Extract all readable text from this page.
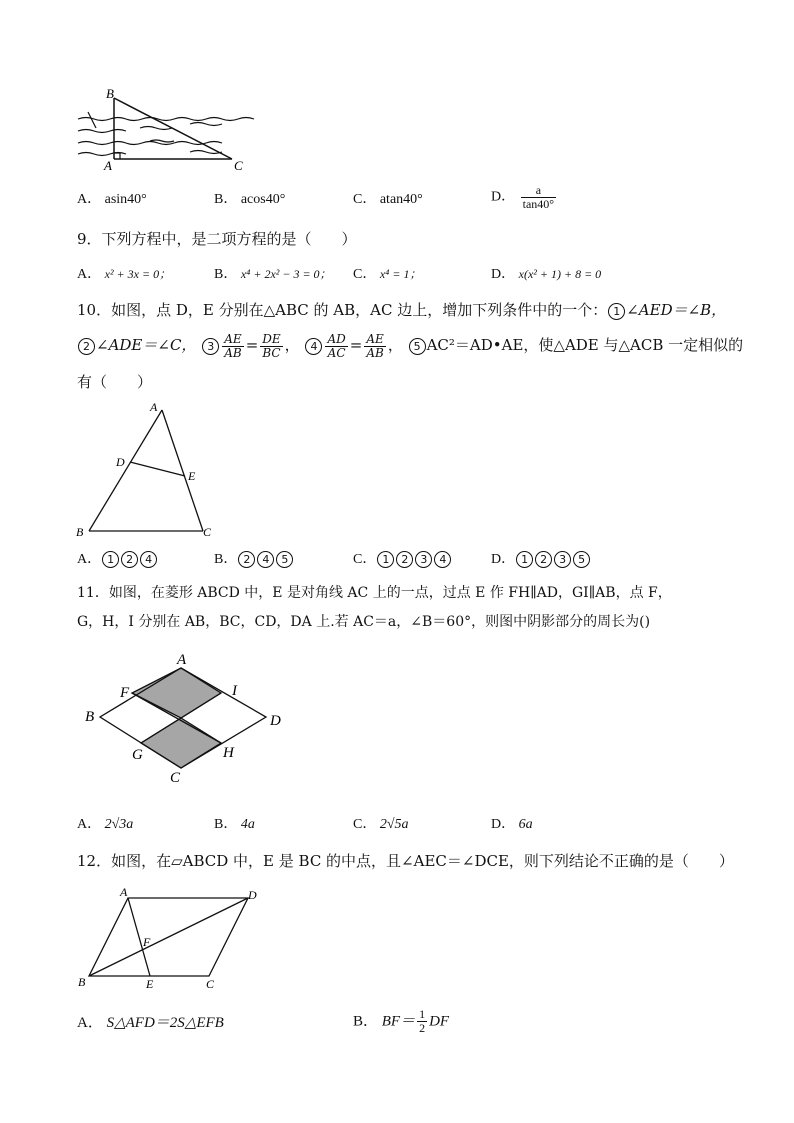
B
A	C
A． asin40°	B． acos40°	C． atan40°	D． $\frac{a}{\tan 40^\circ}$
9．下列方程中，是二项方程的是（　　）
A． x² + 3x = 0；	B． x⁴ + 2x² − 3 = 0； C． x⁴ = 1；	D． x(x² + 1) + 8 = 0
10．如图，点 D，E 分别在△ABC 的 AB，AC 边上，增加下列条件中的一个： 1 ∠AED＝∠B，
2 ∠ADE＝∠C， $3 \frac{AE}{AB} = \frac{DE}{BC}$ ， $4 \frac{AD}{AC} = \frac{AE}{AB}$ ， 5 AC²＝AD•AE，使△ADE 与△ACB 一定相似的
有（　　）
A
D
E
B	C
A． 1 2 4	B． 2 4 5	C． 1 2 3 4	D． 1 2 3 5
11．如图，在菱形 ABCD 中，E 是对角线 AC 上的一点，过点 E 作 FH∥AD，GI∥AB，点 F，
G，H，I 分别在 AB，BC，CD，DA 上.若 AC＝a，∠B＝60°，则图中阴影部分的周长为()
A
F	I
B	D
G	H
C
A． 2√3a	B． 4a	C． 2√5a	D． 6a
12．如图，在▱ABCD 中，E 是 BC 的中点，且∠AEC＝∠DCE，则下列结论不正确的是（　　）
A	D
F
B	E	C
A． S△AFD＝2S△EFB	B． $BF= \frac{1}{2}$ DF
